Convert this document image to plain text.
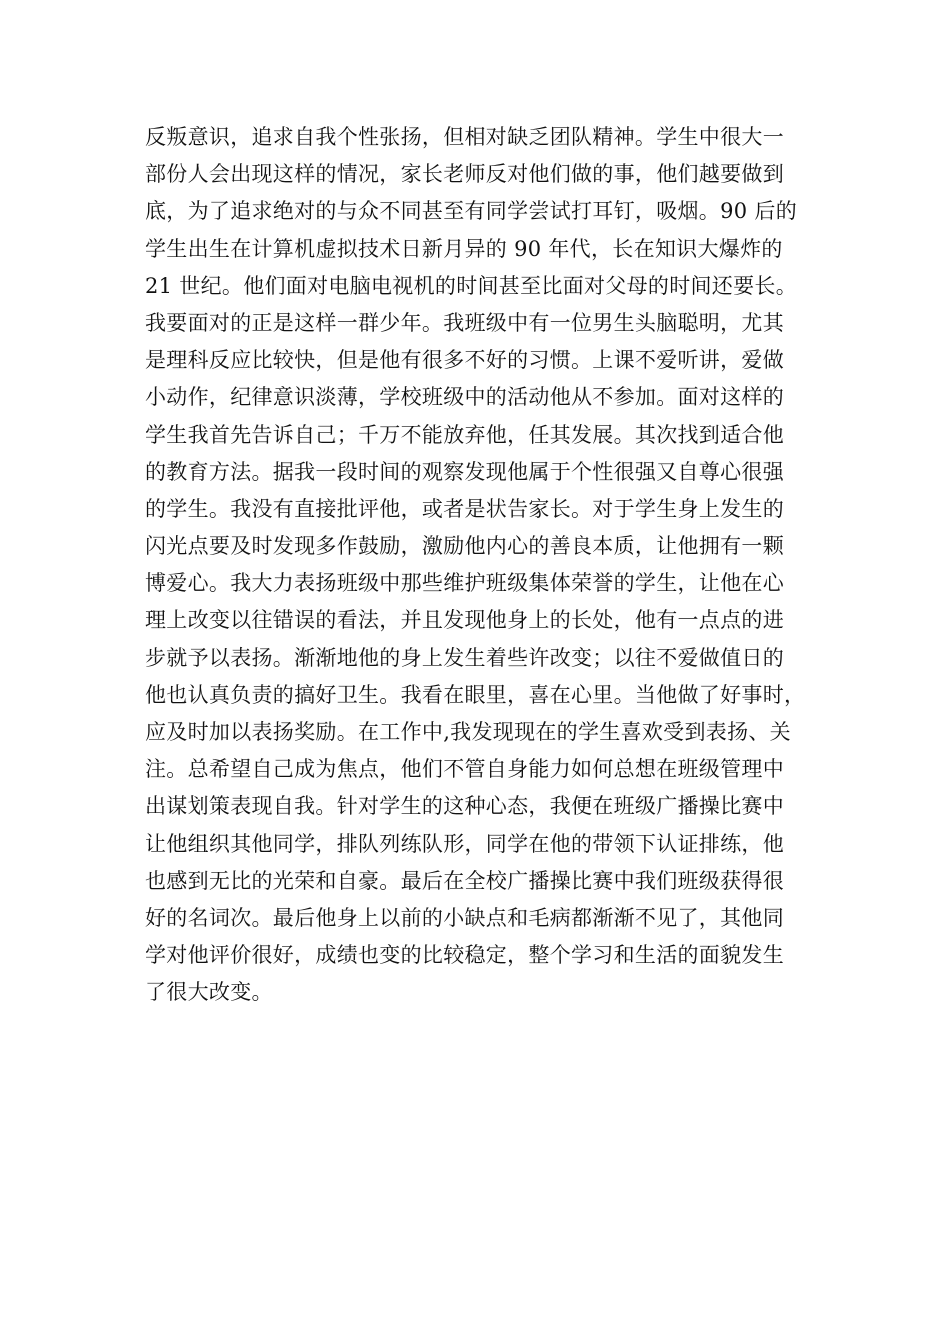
反叛意识，追求自我个性张扬，但相对缺乏团队精神。学生中很大一
部份人会出现这样的情况，家长老师反对他们做的事，他们越要做到
底，为了追求绝对的与众不同甚至有同学尝试打耳钉，吸烟。90 后的
学生出生在计算机虚拟技术日新月异的 90 年代，长在知识大爆炸的
21 世纪。他们面对电脑电视机的时间甚至比面对父母的时间还要长。
我要面对的正是这样一群少年。我班级中有一位男生头脑聪明，尤其
是理科反应比较快，但是他有很多不好的习惯。上课不爱听讲，爱做
小动作，纪律意识淡薄，学校班级中的活动他从不参加。面对这样的
学生我首先告诉自己；千万不能放弃他，任其发展。其次找到适合他
的教育方法。据我一段时间的观察发现他属于个性很强又自尊心很强
的学生。我没有直接批评他，或者是状告家长。对于学生身上发生的
闪光点要及时发现多作鼓励，激励他内心的善良本质，让他拥有一颗
博爱心。我大力表扬班级中那些维护班级集体荣誉的学生，让他在心
理上改变以往错误的看法，并且发现他身上的长处，他有一点点的进
步就予以表扬。渐渐地他的身上发生着些许改变；以往不爱做值日的
他也认真负责的搞好卫生。我看在眼里，喜在心里。当他做了好事时，
应及时加以表扬奖励。在工作中,我发现现在的学生喜欢受到表扬、关
注。总希望自己成为焦点，他们不管自身能力如何总想在班级管理中
出谋划策表现自我。针对学生的这种心态，我便在班级广播操比赛中
让他组织其他同学，排队列练队形，同学在他的带领下认证排练，他
也感到无比的光荣和自豪。最后在全校广播操比赛中我们班级获得很
好的名词次。最后他身上以前的小缺点和毛病都渐渐不见了，其他同
学对他评价很好，成绩也变的比较稳定，整个学习和生活的面貌发生
了很大改变。
